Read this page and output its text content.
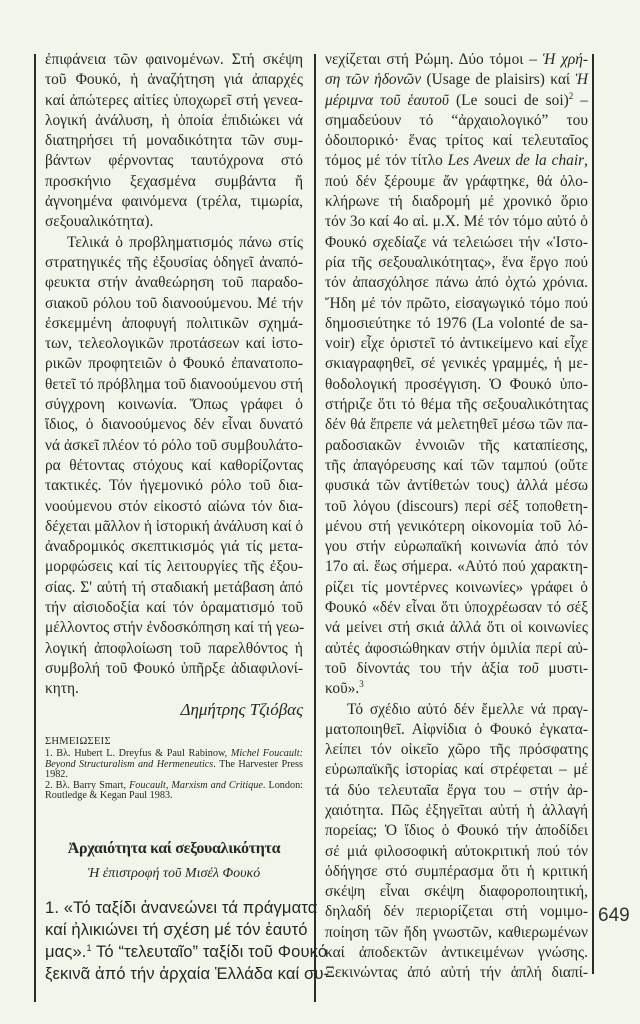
ἐπιφάνεια τῶν φαινομένων. Στή σκέψη
τοῦ Φουκό, ἡ ἀναζήτηση γιά ἀπαρχές
καί ἀπώτερες αἰτίες ὑποχωρεῖ στή γενεα-
λογική ἀνάλυση, ἡ ὁποία ἐπιδιώκει νά
διατηρήσει τή μοναδικότητα τῶν συμ-
βάντων φέρνοντας ταυτόχρονα στό
προσκήνιο ξεχασμένα συμβάντα ἤ
ἀγνοημένα φαινόμενα (τρέλα, τιμωρία,
σεξουαλικότητα).
Τελικά ὁ προβληματισμός πάνω στίς
στρατηγικές τῆς ἐξουσίας ὁδηγεῖ ἀναπό-
φευκτα στήν ἀναθεώρηση τοῦ παραδο-
σιακοῦ ρόλου τοῦ διανοούμενου. Μέ τήν
ἐσκεμμένη ἀποφυγή πολιτικῶν σχημά-
των, τελεολογικῶν προτάσεων καί ἱστο-
ρικῶν προφητειῶν ὁ Φουκό ἐπανατοπο-
θετεῖ τό πρόβλημα τοῦ διανοούμενου στή
σύγχρονη κοινωνία. Ὅπως γράφει ὁ
ἴδιος, ὁ διανοούμενος δέν εἶναι δυνατό
νά ἀσκεῖ πλέον τό ρόλο τοῦ συμβουλάτο-
ρα θέτοντας στόχους καί καθορίζοντας
τακτικές. Τόν ἡγεμονικό ρόλο τοῦ δια-
νοούμενου στόν εἰκοστό αἰώνα τόν δια-
δέχεται μᾶλλον ἡ ἱστορική ἀνάλυση καί ὁ
ἀναδρομικός σκεπτικισμός γιά τίς μετα-
μορφώσεις καί τίς λειτουργίες τῆς ἐξου-
σίας. Σ' αὐτή τή σταδιακή μετάβαση ἀπό
τήν αἰσιοδοξία καί τόν ὁραματισμό τοῦ
μέλλοντος στήν ἐνδοσκόπηση καί τή γεω-
λογική ἀποφλοίωση τοῦ παρελθόντος ἡ
συμβολή τοῦ Φουκό ὑπῆρξε ἀδιαφιλονί-
κητη.
Δημήτρης Τζιόβας
ΣΗΜΕΙΩΣΕΙΣ
1. Βλ. Hubert L. Dreyfus & Paul Rabinow, Michel Foucault: Beyond Structuralism and Hermeneutics. The Harvester Press 1982.
2. Βλ. Barry Smart, Foucault, Marxism and Critique. London: Routledge & Kegan Paul 1983.
Ἀρχαιότητα καί σεξουαλικότητα
Ἡ ἐπιστροφή τοῦ Μισέλ Φουκό
1. «Τό ταξίδι ἀνανεώνει τά πράγματα
καί ἠλικιώνει τή σχέση μέ τόν ἑαυτό
μας».$^1$ Τό “τελευταῖο” ταξίδι τοῦ Φουκό
ξεκινᾶ ἀπό τήν ἀρχαία Ἑλλάδα καί συ-
νεχίζεται στή Ρώμη. Δύο τόμοι – Ἡ χρή-
ση τῶν ἡδονῶν (Usage de plaisirs) καί Ἡ
μέριμνα τοῦ ἑαυτοῦ (Le souci de soi)$^2$ –
σημαδεύουν τό “ἀρχαιολογικό” του
ὁδοιπορικό· ἕνας τρίτος καί τελευταῖος
τόμος μέ τόν τίτλο Les Aveux de la chair,
πού δέν ξέρουμε ἄν γράφτηκε, θά ὁλο-
κλήρωνε τή διαδρομή μέ χρονικό ὅριο
τόν 3ο καί 4ο αἰ. μ.Χ. Μέ τόν τόμο αὐτό ὁ
Φουκό σχεδίαζε νά τελειώσει τήν «Ἱστο-
ρία τῆς σεξουαλικότητας», ἕνα ἔργο πού
τόν ἀπασχόλησε πάνω ἀπό ὀχτώ χρόνια.
Ἤδη μέ τόν πρῶτο, εἰσαγωγικό τόμο πού
δημοσιεύτηκε τό 1976 (La volonté de sa-
voir) εἶχε ὁριστεῖ τό ἀντικείμενο καί εἶχε
σκιαγραφηθεῖ, σέ γενικές γραμμές, ἡ με-
θοδολογική προσέγγιση. Ὁ Φουκό ὑπο-
στήριζε ὅτι τό θέμα τῆς σεξουαλικότητας
δέν θά ἔπρεπε νά μελετηθεῖ μέσω τῶν πα-
ραδοσιακῶν ἐννοιῶν τῆς καταπίεσης,
τῆς ἀπαγόρευσης καί τῶν ταμπού (οὔτε
φυσικά τῶν ἀντίθετών τους) ἀλλά μέσω
τοῦ λόγου (discours) περί σέξ τοποθετη-
μένου στή γενικότερη οἰκονομία τοῦ λό-
γου στήν εὐρωπαϊκή κοινωνία ἀπό τόν
17ο αἰ. ἕως σήμερα. «Αὐτό πού χαρακτη-
ρίζει τίς μοντέρνες κοινωνίες» γράφει ὁ
Φουκό «δέν εἶναι ὅτι ὑποχρέωσαν τό σέξ
νά μείνει στή σκιά ἀλλά ὅτι οἱ κοινωνίες
αὐτές ἀφοσιώθηκαν στήν ὁμιλία περί αὐ-
τοῦ δίνοντάς του τήν ἀξία τοῦ μυστι-
κοῦ».$^3$
Τό σχέδιο αὐτό δέν ἔμελλε νά πραγ-
ματοποιηθεῖ. Αἰφνίδια ὁ Φουκό ἐγκατα-
λείπει τόν οἰκεῖο χῶρο τῆς πρόσφατης
εὐρωπαϊκῆς ἱστορίας καί στρέφεται – μέ
τά δύο τελευταῖα ἔργα του – στήν ἀρ-
χαιότητα. Πῶς ἐξηγεῖται αὐτή ἡ ἀλλαγή
πορείας; Ὁ ἴδιος ὁ Φουκό τήν ἀποδίδει
σέ μιά φιλοσοφική αὐτοκριτική πού τόν
ὁδήγησε στό συμπέρασμα ὅτι ἡ κριτική
σκέψη εἶναι σκέψη διαφοροποιητική,
δηλαδή δέν περιορίζεται στή νομιμο-
ποίηση τῶν ἤδη γνωστῶν, καθιερωμένων
καί ἀποδεκτῶν ἀντικειμένων γνώσης.
Ξεκινώντας ἀπό αὐτή τήν ἁπλή διαπί-
649
